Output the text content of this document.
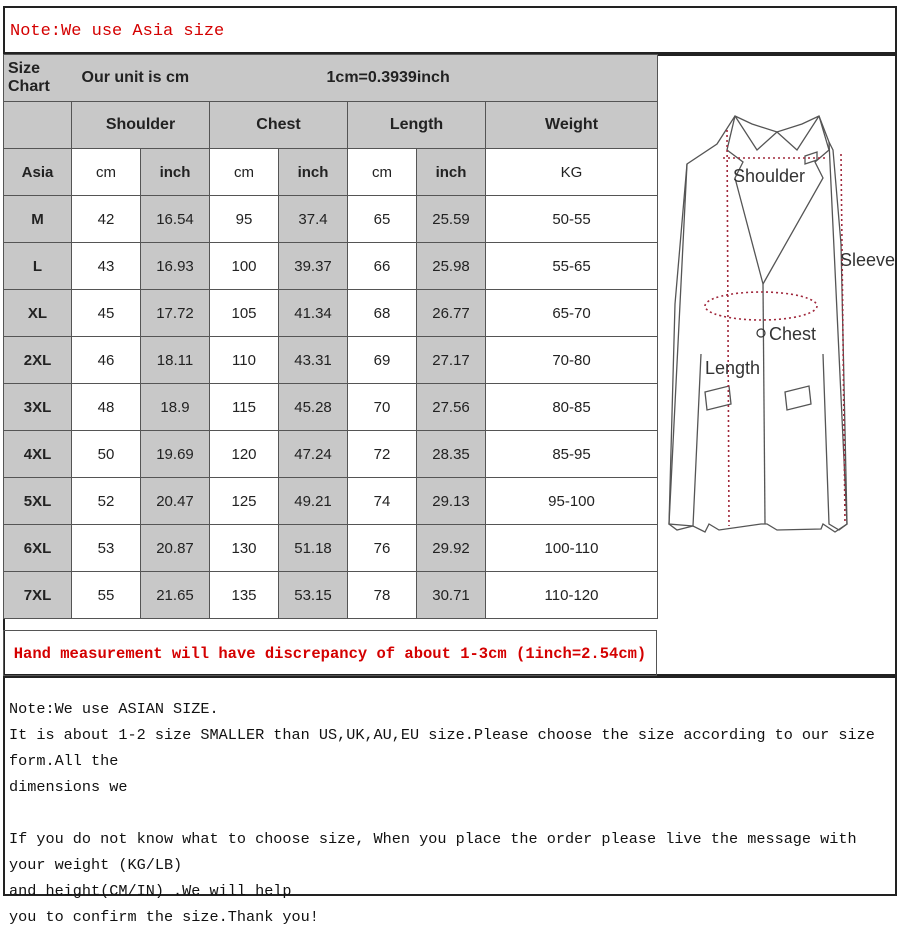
Note:We use Asia size
Size Chart	Our unit is cm			1cm=0.3939inch			
	Shoulder		Chest		Length		Weight
Asia	cm	inch	cm	inch	cm	inch	KG
M	42	16.54	95	37.4	65	25.59	50-55
L	43	16.93	100	39.37	66	25.98	55-65
XL	45	17.72	105	41.34	68	26.77	65-70
2XL	46	18.11	110	43.31	69	27.17	70-80
3XL	48	18.9	115	45.28	70	27.56	80-85
4XL	50	19.69	120	47.24	72	28.35	85-95
5XL	52	20.47	125	49.21	74	29.13	95-100
6XL	53	20.87	130	51.18	76	29.92	100-110
7XL	55	21.65	135	53.15	78	30.71	110-120
Hand measurement will have discrepancy of about 1-3cm (1inch=2.54cm)
Shoulder
Sleeve
Chest
Length
Note:We use ASIAN SIZE.
It is about 1-2 size SMALLER than US,UK,AU,EU size.Please choose the size according to our size form.All the
dimensions we
If you do not know what to choose size, When you place the order please live the message with your weight (KG/LB)
and height(CM/IN) .We will help
you to confirm the size.Thank you!
